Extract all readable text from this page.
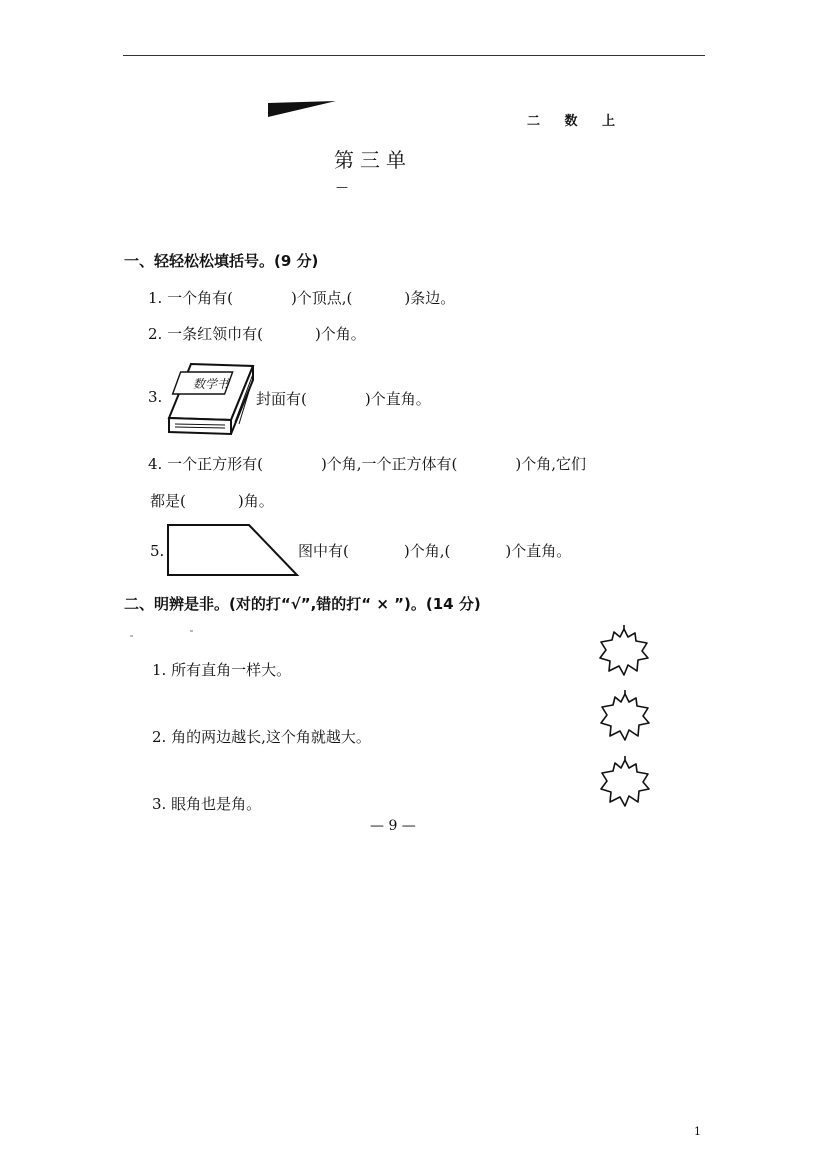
二 数 上
第三单
—
一、轻轻松松填括号。(9 分)
1. 一个角有(	)个顶点,(	)条边。
2. 一条红领巾有(	)个角。
3.
数学书
封面有(	)个直角。
4. 一个正方形有(	)个角,一个正方体有(	)个角,它们
都是(	)角。
5.	图中有(	)个角,(	)个直角。
二、明辨是非。(对的打“√”,错的打“ × ”)。(14 分)
1. 所有直角一样大。
2. 角的两边越长,这个角就越大。
3. 眼角也是角。
— 9 —
1
